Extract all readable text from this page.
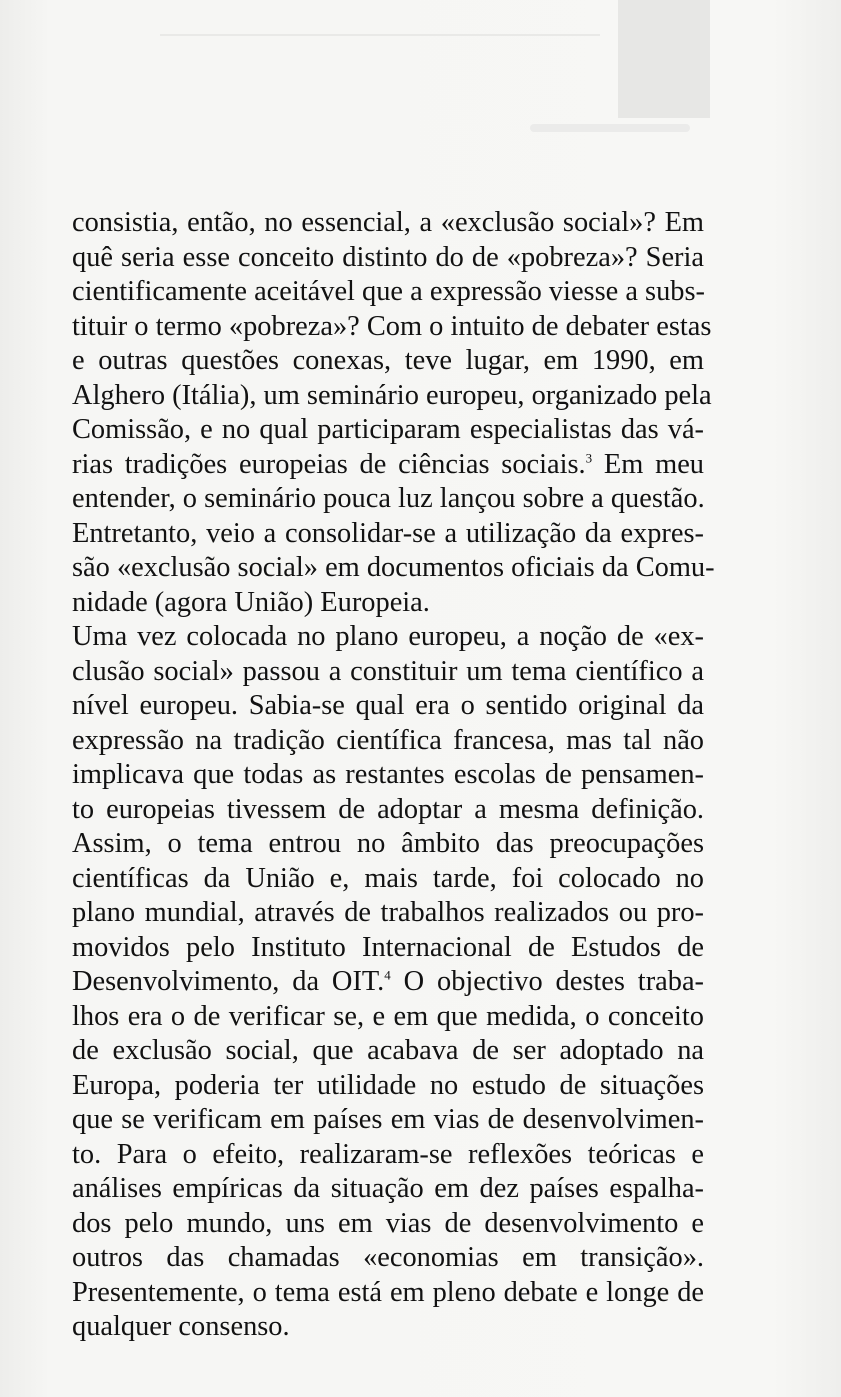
consistia, então, no essencial, a «exclusão social»? Em
quê seria esse conceito distinto do de «pobreza»? Seria
cientificamente aceitável que a expressão viesse a subs-
tituir o termo «pobreza»? Com o intuito de debater estas
e outras questões conexas, teve lugar, em 1990, em
Alghero (Itália), um seminário europeu, organizado pela
Comissão, e no qual participaram especialistas das vá-
rias tradições europeias de ciências sociais.$^3$ Em meu
entender, o seminário pouca luz lançou sobre a questão.
Entretanto, veio a consolidar-se a utilização da expres-
são «exclusão social» em documentos oficiais da Comu-
nidade (agora União) Europeia.
Uma vez colocada no plano europeu, a noção de «ex-
clusão social» passou a constituir um tema científico a
nível europeu. Sabia-se qual era o sentido original da
expressão na tradição científica francesa, mas tal não
implicava que todas as restantes escolas de pensamen-
to europeias tivessem de adoptar a mesma definição.
Assim, o tema entrou no âmbito das preocupações
científicas da União e, mais tarde, foi colocado no
plano mundial, através de trabalhos realizados ou pro-
movidos pelo Instituto Internacional de Estudos de
Desenvolvimento, da OIT.$^4$ O objectivo destes traba-
lhos era o de verificar se, e em que medida, o conceito
de exclusão social, que acabava de ser adoptado na
Europa, poderia ter utilidade no estudo de situações
que se verificam em países em vias de desenvolvimen-
to. Para o efeito, realizaram-se reflexões teóricas e
análises empíricas da situação em dez países espalha-
dos pelo mundo, uns em vias de desenvolvimento e
outros das chamadas «economias em transição».
Presentemente, o tema está em pleno debate e longe de
qualquer consenso.
